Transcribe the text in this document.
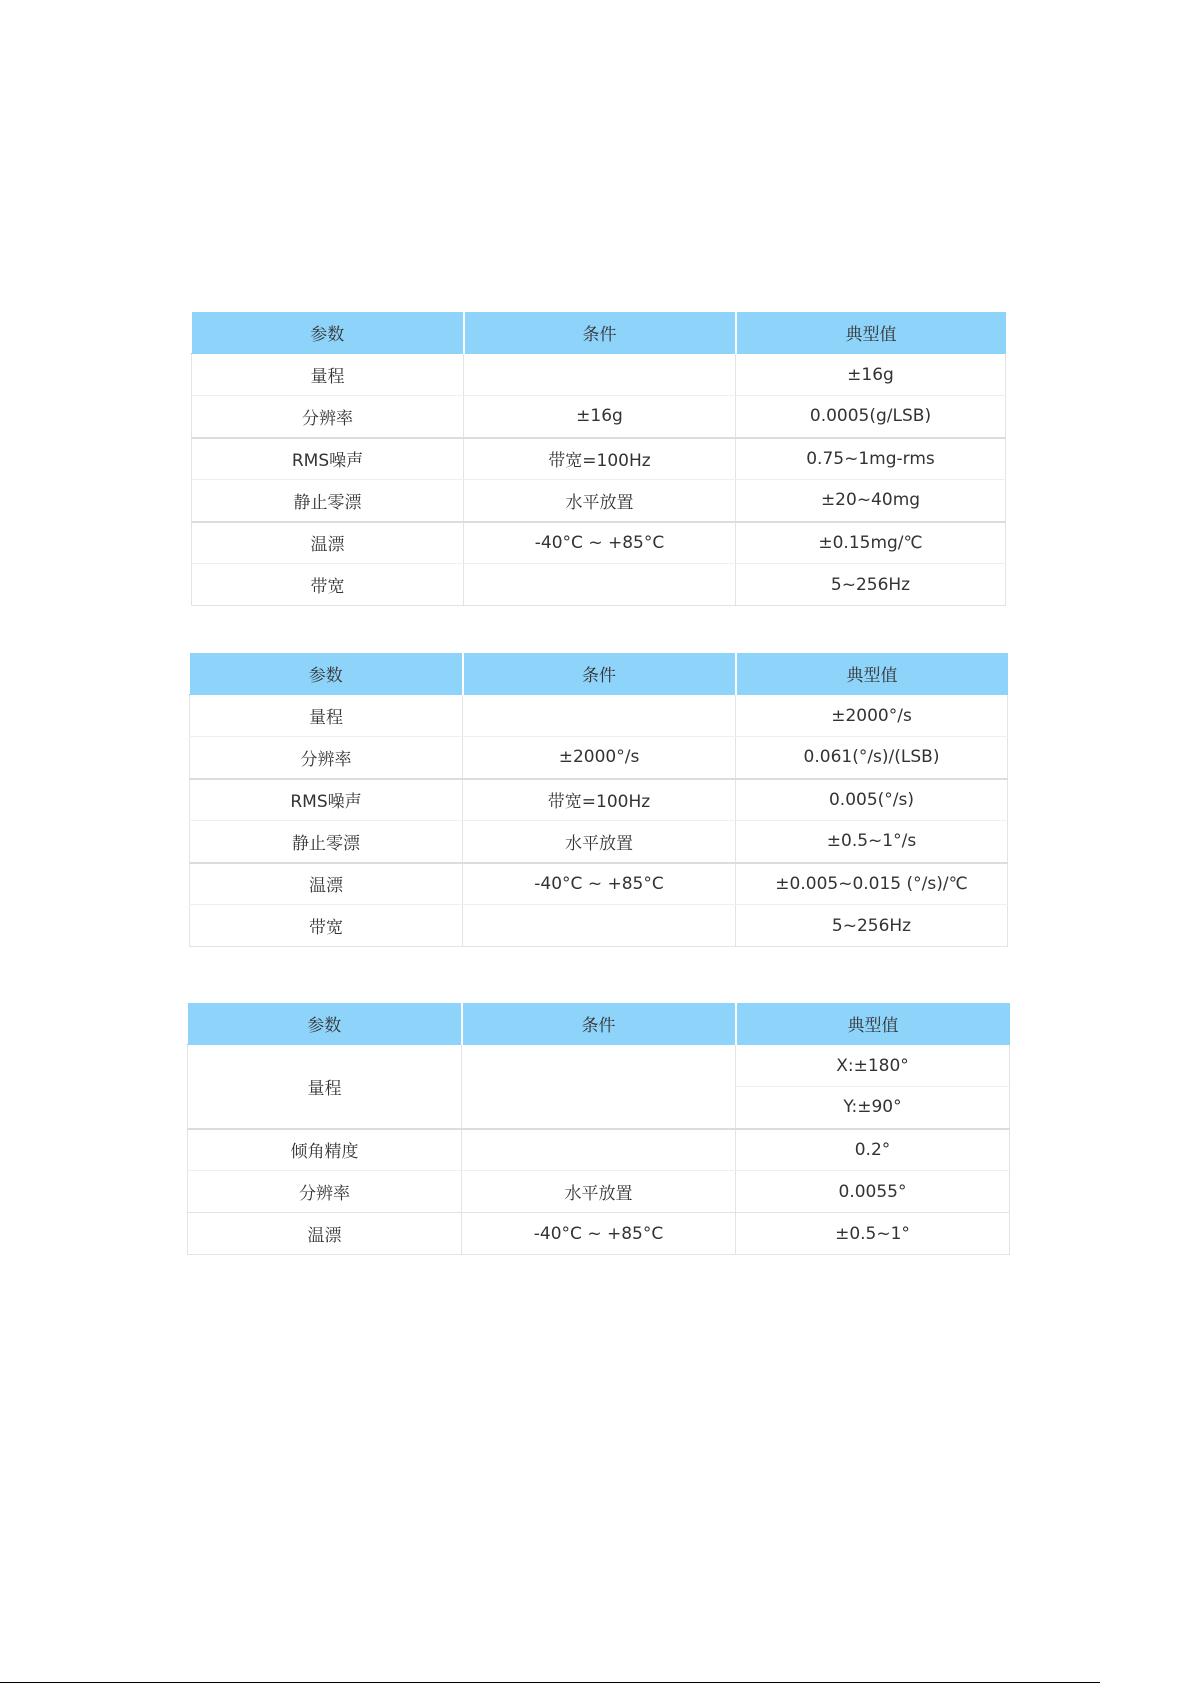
参数	条件	典型值
量程		±16g
分辨率	±16g	0.0005(g/LSB)
RMS噪声	带宽=100Hz	0.75~1mg-rms
静止零漂	水平放置	±20~40mg
温漂	-40°C ~ +85°C	±0.15mg/℃
带宽		5~256Hz
参数	条件	典型值
量程		±2000°/s
分辨率	±2000°/s	0.061(°/s)/(LSB)
RMS噪声	带宽=100Hz	0.005(°/s)
静止零漂	水平放置	±0.5~1°/s
温漂	-40°C ~ +85°C	±0.005~0.015 (°/s)/℃
带宽		5~256Hz
参数	条件	典型值
量程		X:±180°
		Y:±90°
倾角精度		0.2°
分辨率	水平放置	0.0055°
温漂	-40°C ~ +85°C	±0.5~1°
